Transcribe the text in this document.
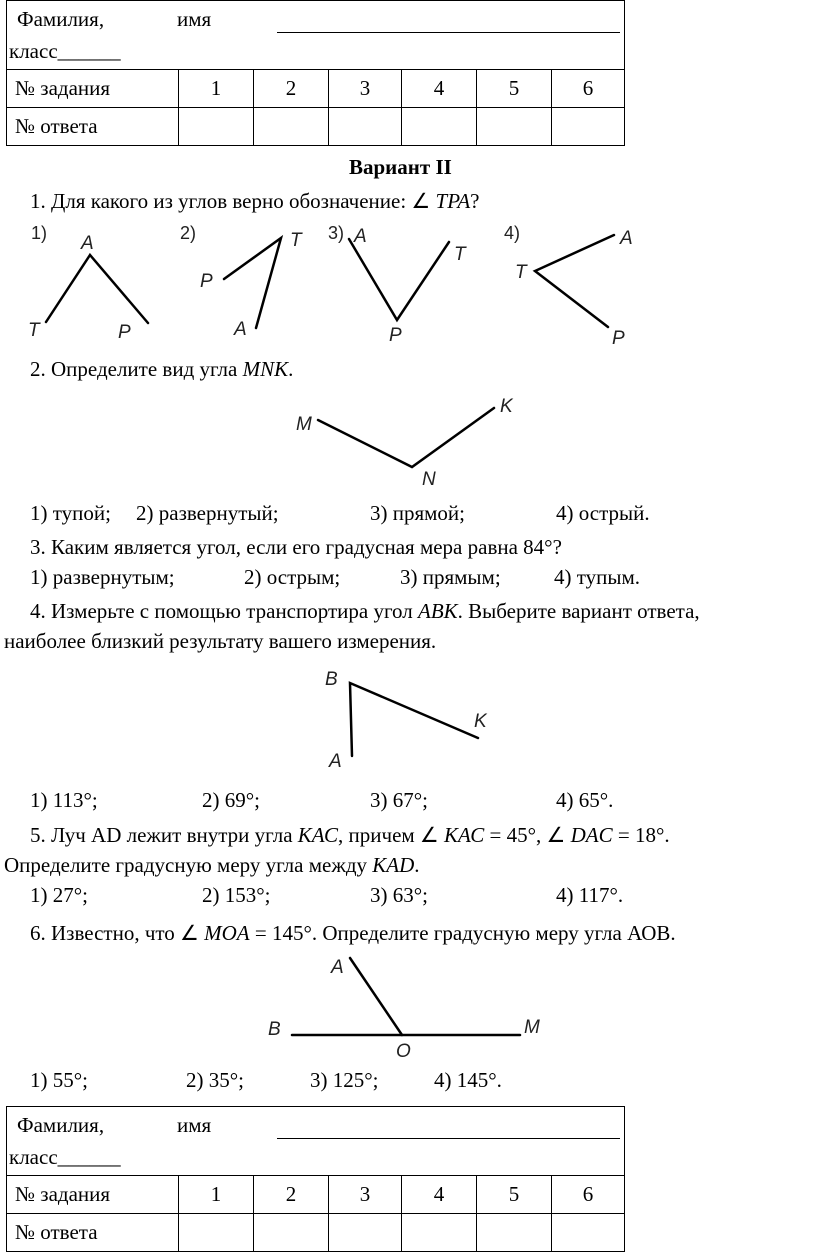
Фамилия, имя
класс______						

№ задания	1	2	3	4	5	6
№ ответа						
Вариант II
1. Для какого из углов верно обозначение: ∠ TPA?
1) A
T	P
2)	T
P
A
3) A
T
P
4)	A
T
P
2. Определите вид угла MNK.
M
N
K
1) тупой; 2) развернутый;	3) прямой;	4) острый.
3. Каким является угол, если его градусная мера равна 84°?
1) развернутым;	2) острым;	3) прямым;	4) тупым.
4. Измерьте с помощью транспортира угол АВК. Выберите вариант ответа,
наиболее близкий результату вашего измерения.
B
K
A
1) 113°;	2) 69°;	3) 67°;	4) 65°.
5. Луч AD лежит внутри угла КАС, причем ∠ КАС = 45°, ∠ DAC = 18°.
Определите градусную меру угла между KAD.
1) 27°;	2) 153°;	3) 63°;	4) 117°.
6. Известно, что ∠ MOA = 145°. Определите градусную меру угла АОВ.
A
B
O
M
1) 55°;	2) 35°;	3) 125°;	4) 145°.
Фамилия, имя
класс______						

№ задания	1	2	3	4	5	6
№ ответа						
